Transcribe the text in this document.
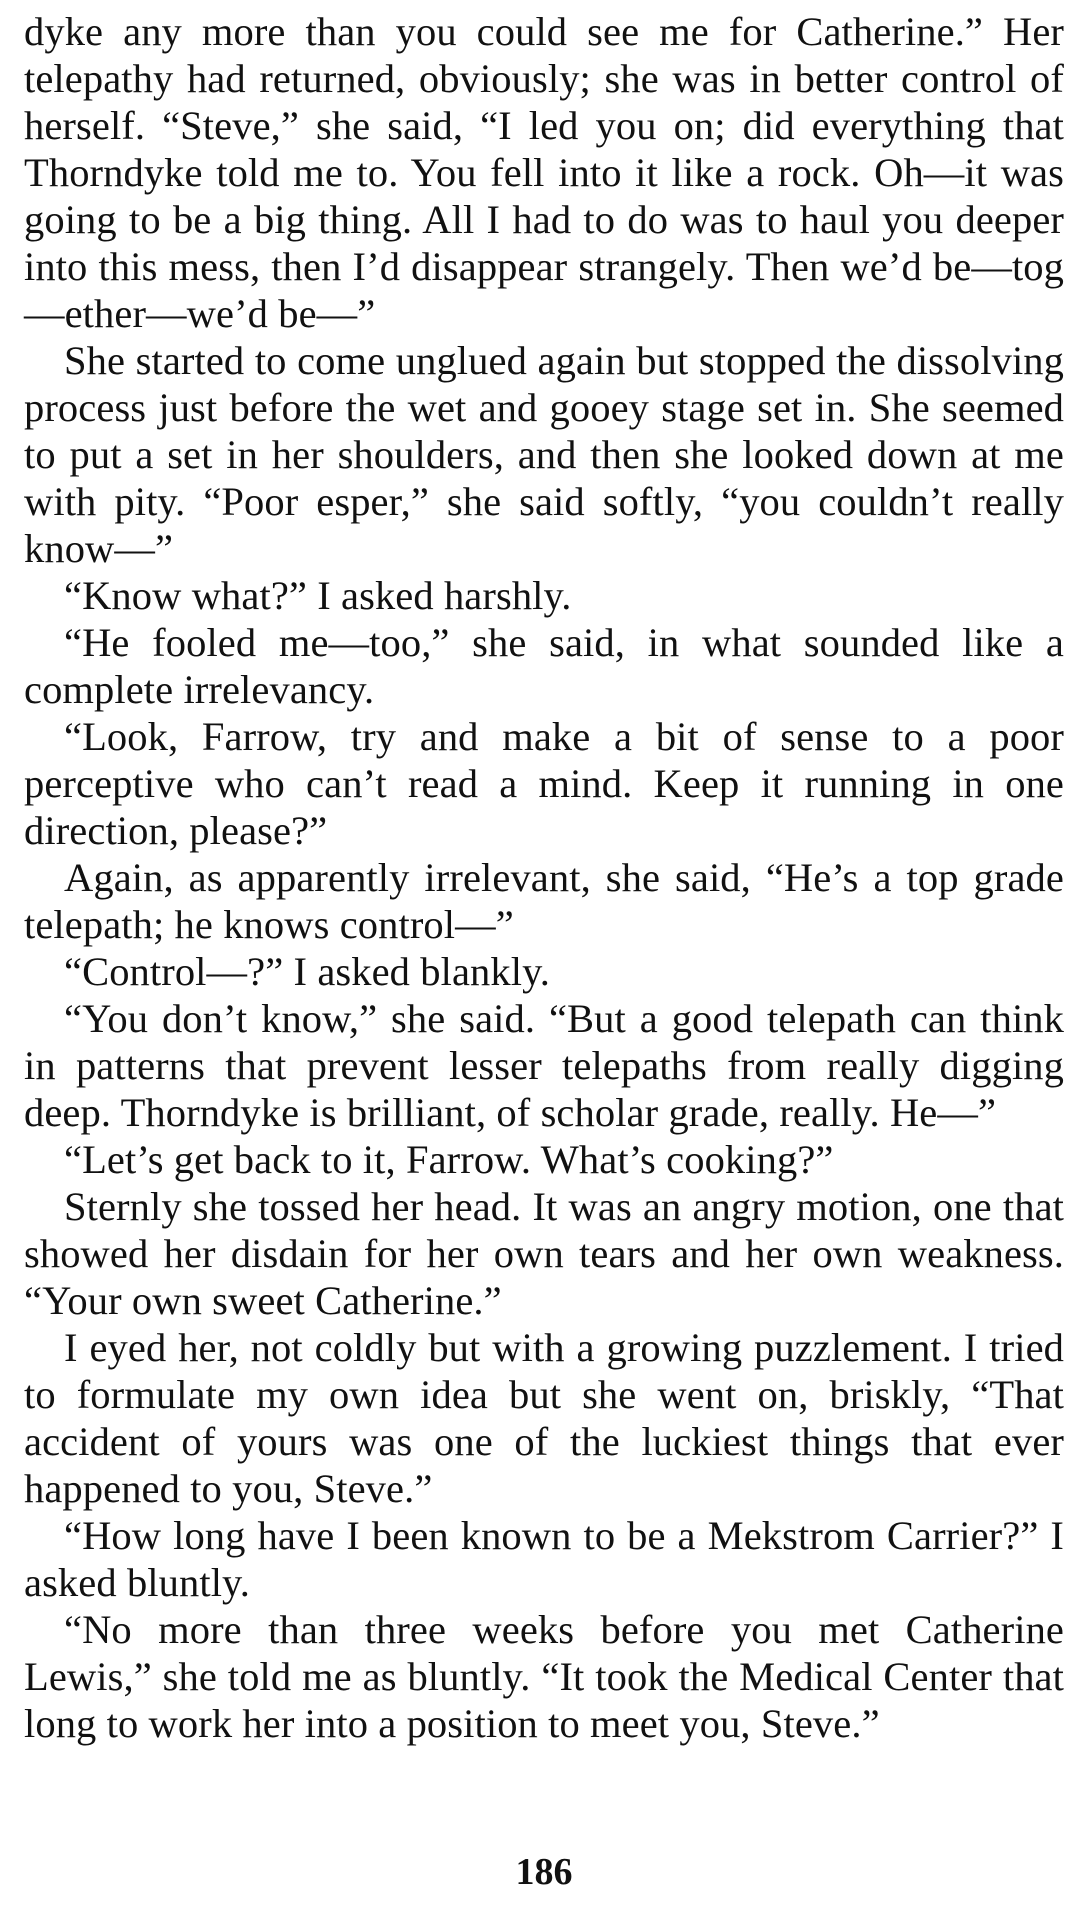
dyke any more than you could see me for Catherine.” Her telepathy had returned, obviously; she was in better control of herself. “Steve,” she said, “I led you on; did everything that Thorndyke told me to. You fell into it like a rock. Oh—it was going to be a big thing. All I had to do was to haul you deeper into this mess, then I’d disappear strangely. Then we’d be—tog—ether—we’d be—”

She started to come unglued again but stopped the dissolving process just before the wet and gooey stage set in. She seemed to put a set in her shoulders, and then she looked down at me with pity. “Poor esper,” she said softly, “you couldn’t really know—”

“Know what?” I asked harshly.

“He fooled me—too,” she said, in what sounded like a complete irrelevancy.

“Look, Farrow, try and make a bit of sense to a poor perceptive who can’t read a mind. Keep it running in one direction, please?”

Again, as apparently irrelevant, she said, “He’s a top grade telepath; he knows control—”

“Control—?” I asked blankly.

“You don’t know,” she said. “But a good telepath can think in patterns that prevent lesser telepaths from really digging deep. Thorndyke is brilliant, of scholar grade, really. He—”

“Let’s get back to it, Farrow. What’s cooking?”

Sternly she tossed her head. It was an angry motion, one that showed her disdain for her own tears and her own weakness. “Your own sweet Catherine.”

I eyed her, not coldly but with a growing puzzlement. I tried to formulate my own idea but she went on, briskly, “That accident of yours was one of the luckiest things that ever happened to you, Steve.”

“How long have I been known to be a Mekstrom Carrier?” I asked bluntly.

“No more than three weeks before you met Catherine Lewis,” she told me as bluntly. “It took the Medical Center that long to work her into a position to meet you, Steve.”

186
